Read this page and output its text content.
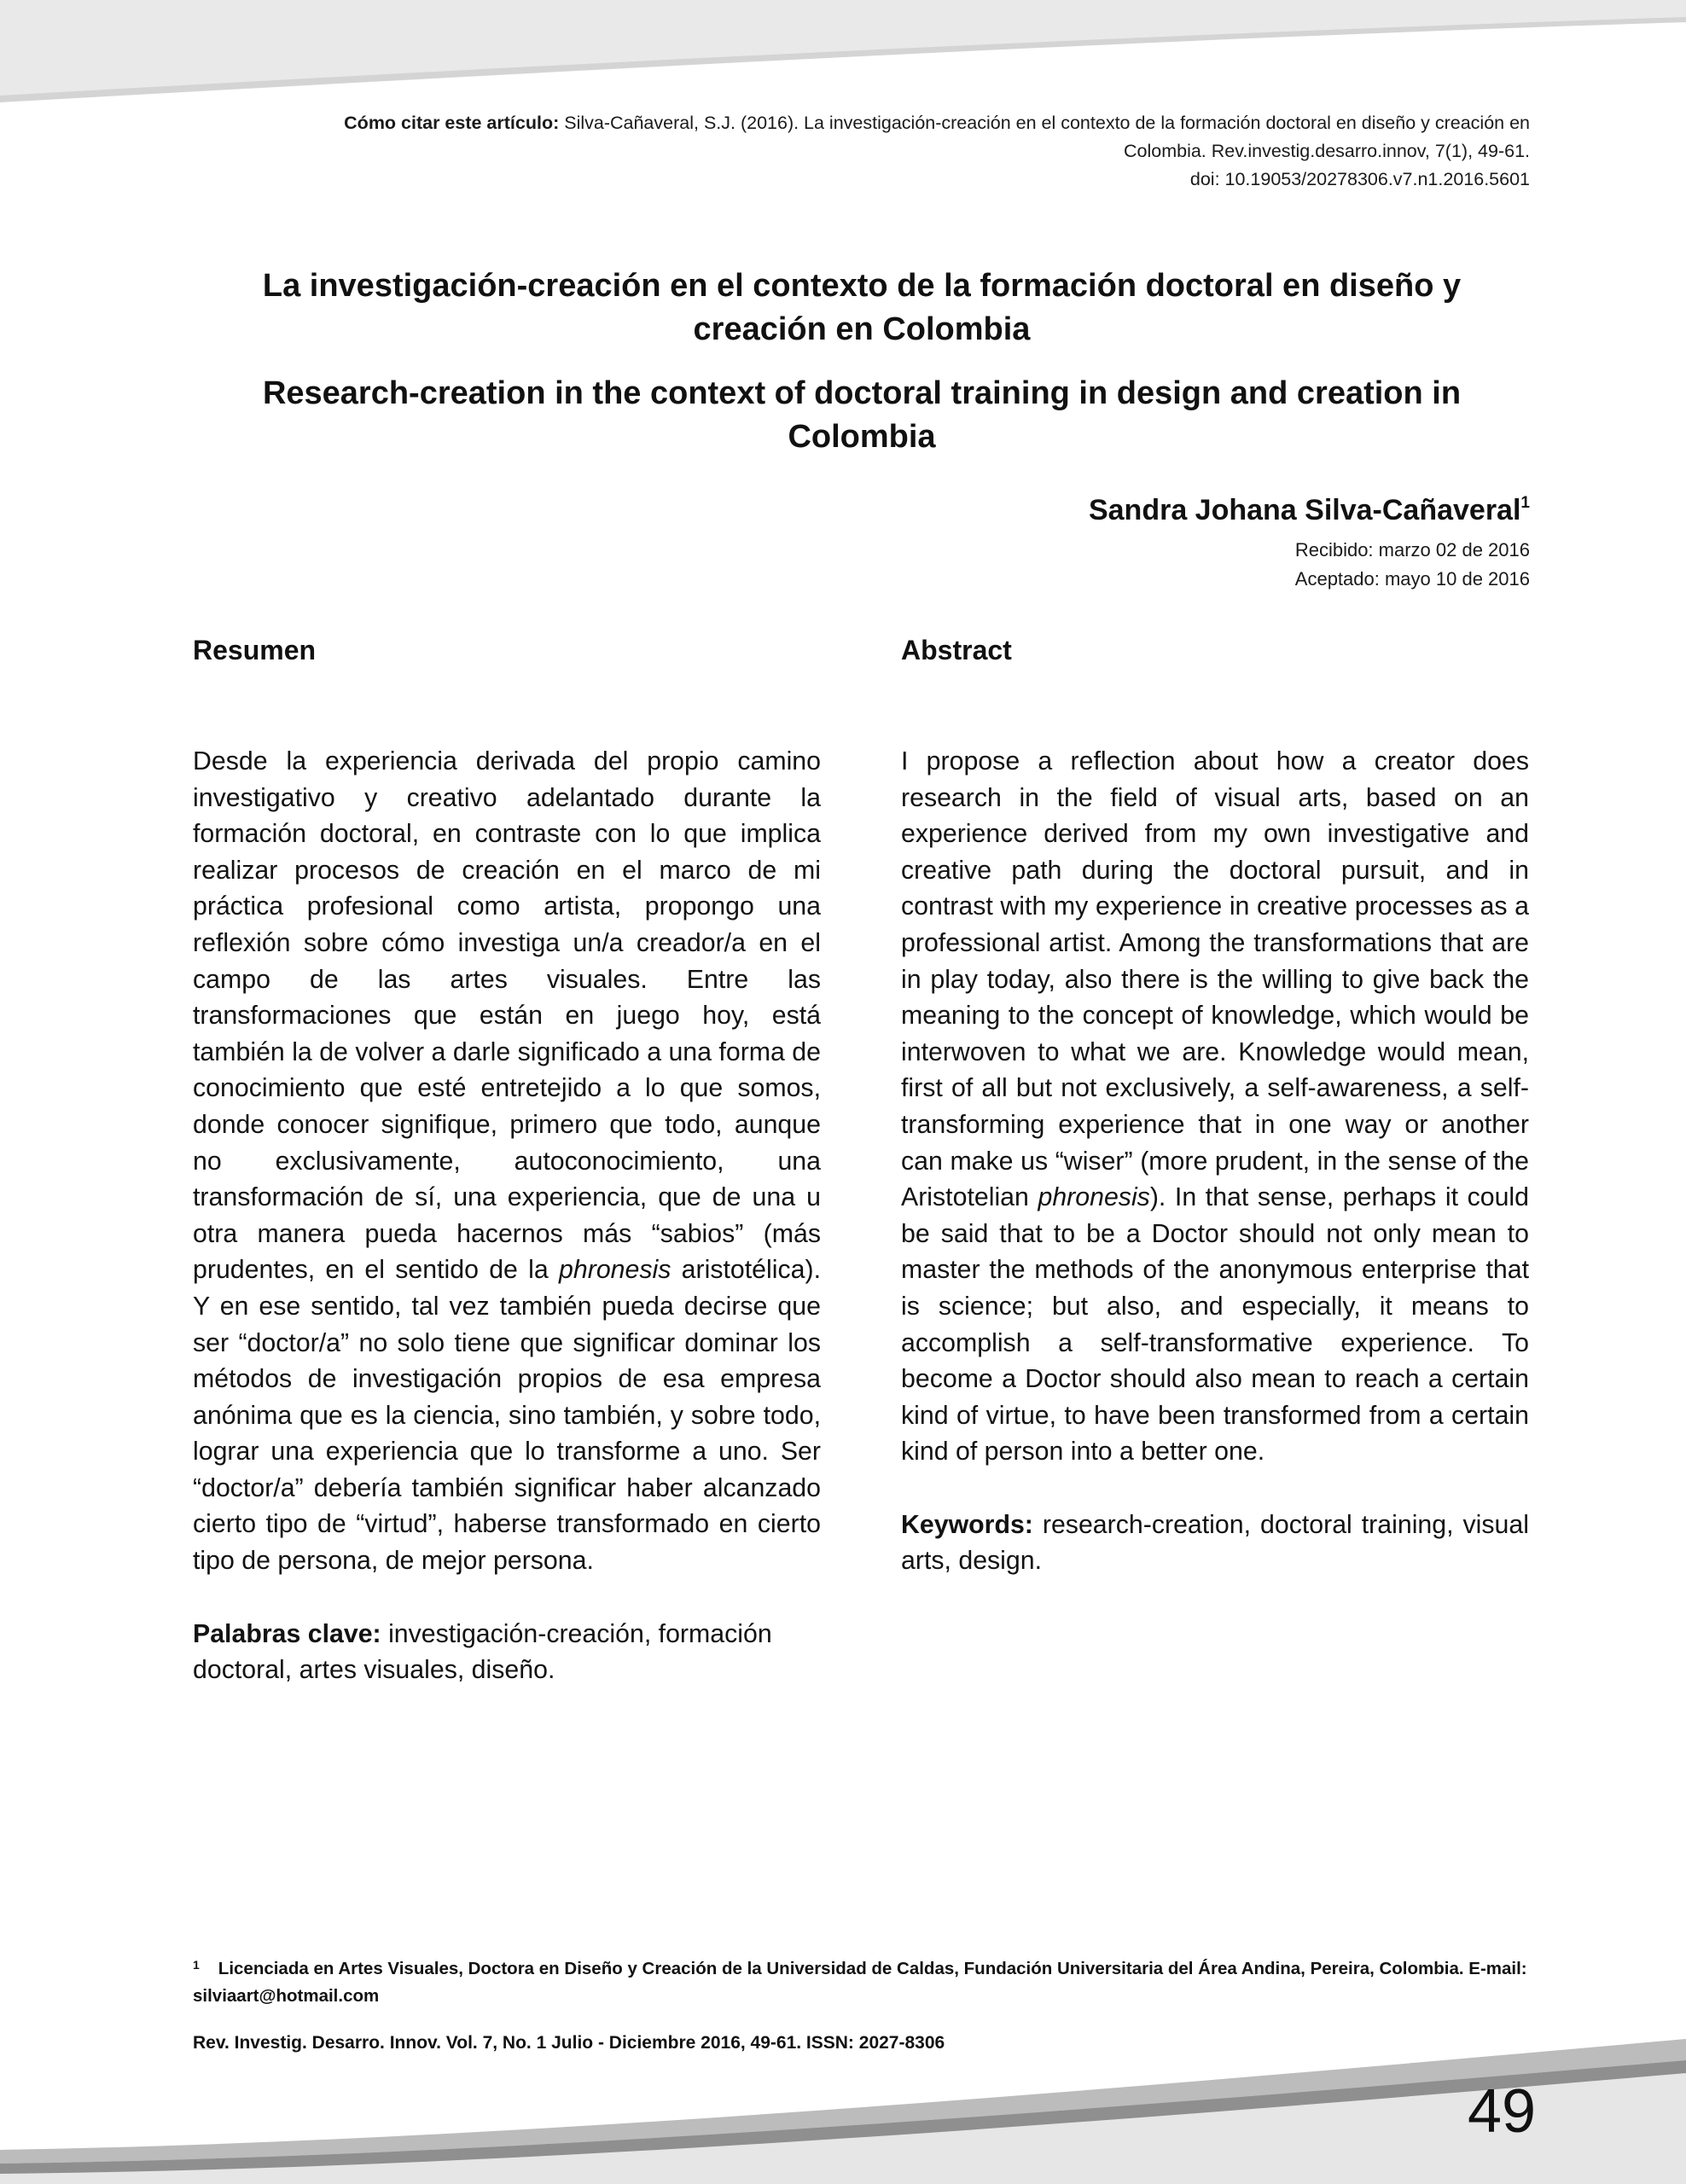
Cómo citar este artículo: Silva-Cañaveral, S.J. (2016). La investigación-creación en el contexto de la formación doctoral en diseño y creación en
Colombia. Rev.investig.desarro.innov, 7(1), 49-61.
doi: 10.19053/20278306.v7.n1.2016.5601
La investigación-creación en el contexto de la formación doctoral en diseño y creación en Colombia
Research-creation in the context of doctoral training in design and creation in Colombia
Sandra Johana Silva-Cañaveral$^1$
Recibido: marzo 02 de 2016
Aceptado: mayo 10 de 2016
Resumen

Desde la experiencia derivada del propio camino investigativo y creativo adelantado durante la formación doctoral, en contraste con lo que implica realizar procesos de creación en el marco de mi práctica profesional como artista, propongo una reflexión sobre cómo investiga un/a creador/a en el campo de las artes visuales. Entre las transformaciones que están en juego hoy, está también la de volver a darle significado a una forma de conocimiento que esté entretejido a lo que somos, donde conocer signifique, primero que todo, aunque no exclusivamente, autoconocimiento, una transformación de sí, una experiencia, que de una u otra manera pueda hacernos más “sabios” (más prudentes, en el sentido de la phronesis aristotélica). Y en ese sentido, tal vez también pueda decirse que ser “doctor/a” no solo tiene que significar dominar los métodos de investigación propios de esa empresa anónima que es la ciencia, sino también, y sobre todo, lograr una experiencia que lo transforme a uno. Ser “doctor/a” debería también significar haber alcanzado cierto tipo de “virtud”, haberse transformado en cierto tipo de persona, de mejor persona.

Palabras clave: investigación-creación, formación doctoral, artes visuales, diseño.

Abstract

I propose a reflection about how a creator does research in the field of visual arts, based on an experience derived from my own investigative and creative path during the doctoral pursuit, and in contrast with my experience in creative processes as a professional artist. Among the transformations that are in play today, also there is the willing to give back the meaning to the concept of knowledge, which would be interwoven to what we are. Knowledge would mean, first of all but not exclusively, a self-awareness, a self-transforming experience that in one way or another can make us “wiser” (more prudent, in the sense of the Aristotelian phronesis). In that sense, perhaps it could be said that to be a Doctor should not only mean to master the methods of the anonymous enterprise that is science; but also, and especially, it means to accomplish a self-transformative experience. To become a Doctor should also mean to reach a certain kind of virtue, to have been transformed from a certain kind of person into a better one.

Keywords: research-creation, doctoral training, visual arts, design.

$^1$ Licenciada en Artes Visuales, Doctora en Diseño y Creación de la Universidad de Caldas, Fundación Universitaria del Área Andina, Pereira, Colombia. E-mail: silviaart@hotmail.com
Rev. Investig. Desarro. Innov. Vol. 7, No. 1 Julio - Diciembre 2016, 49-61. ISSN: 2027-8306
49
